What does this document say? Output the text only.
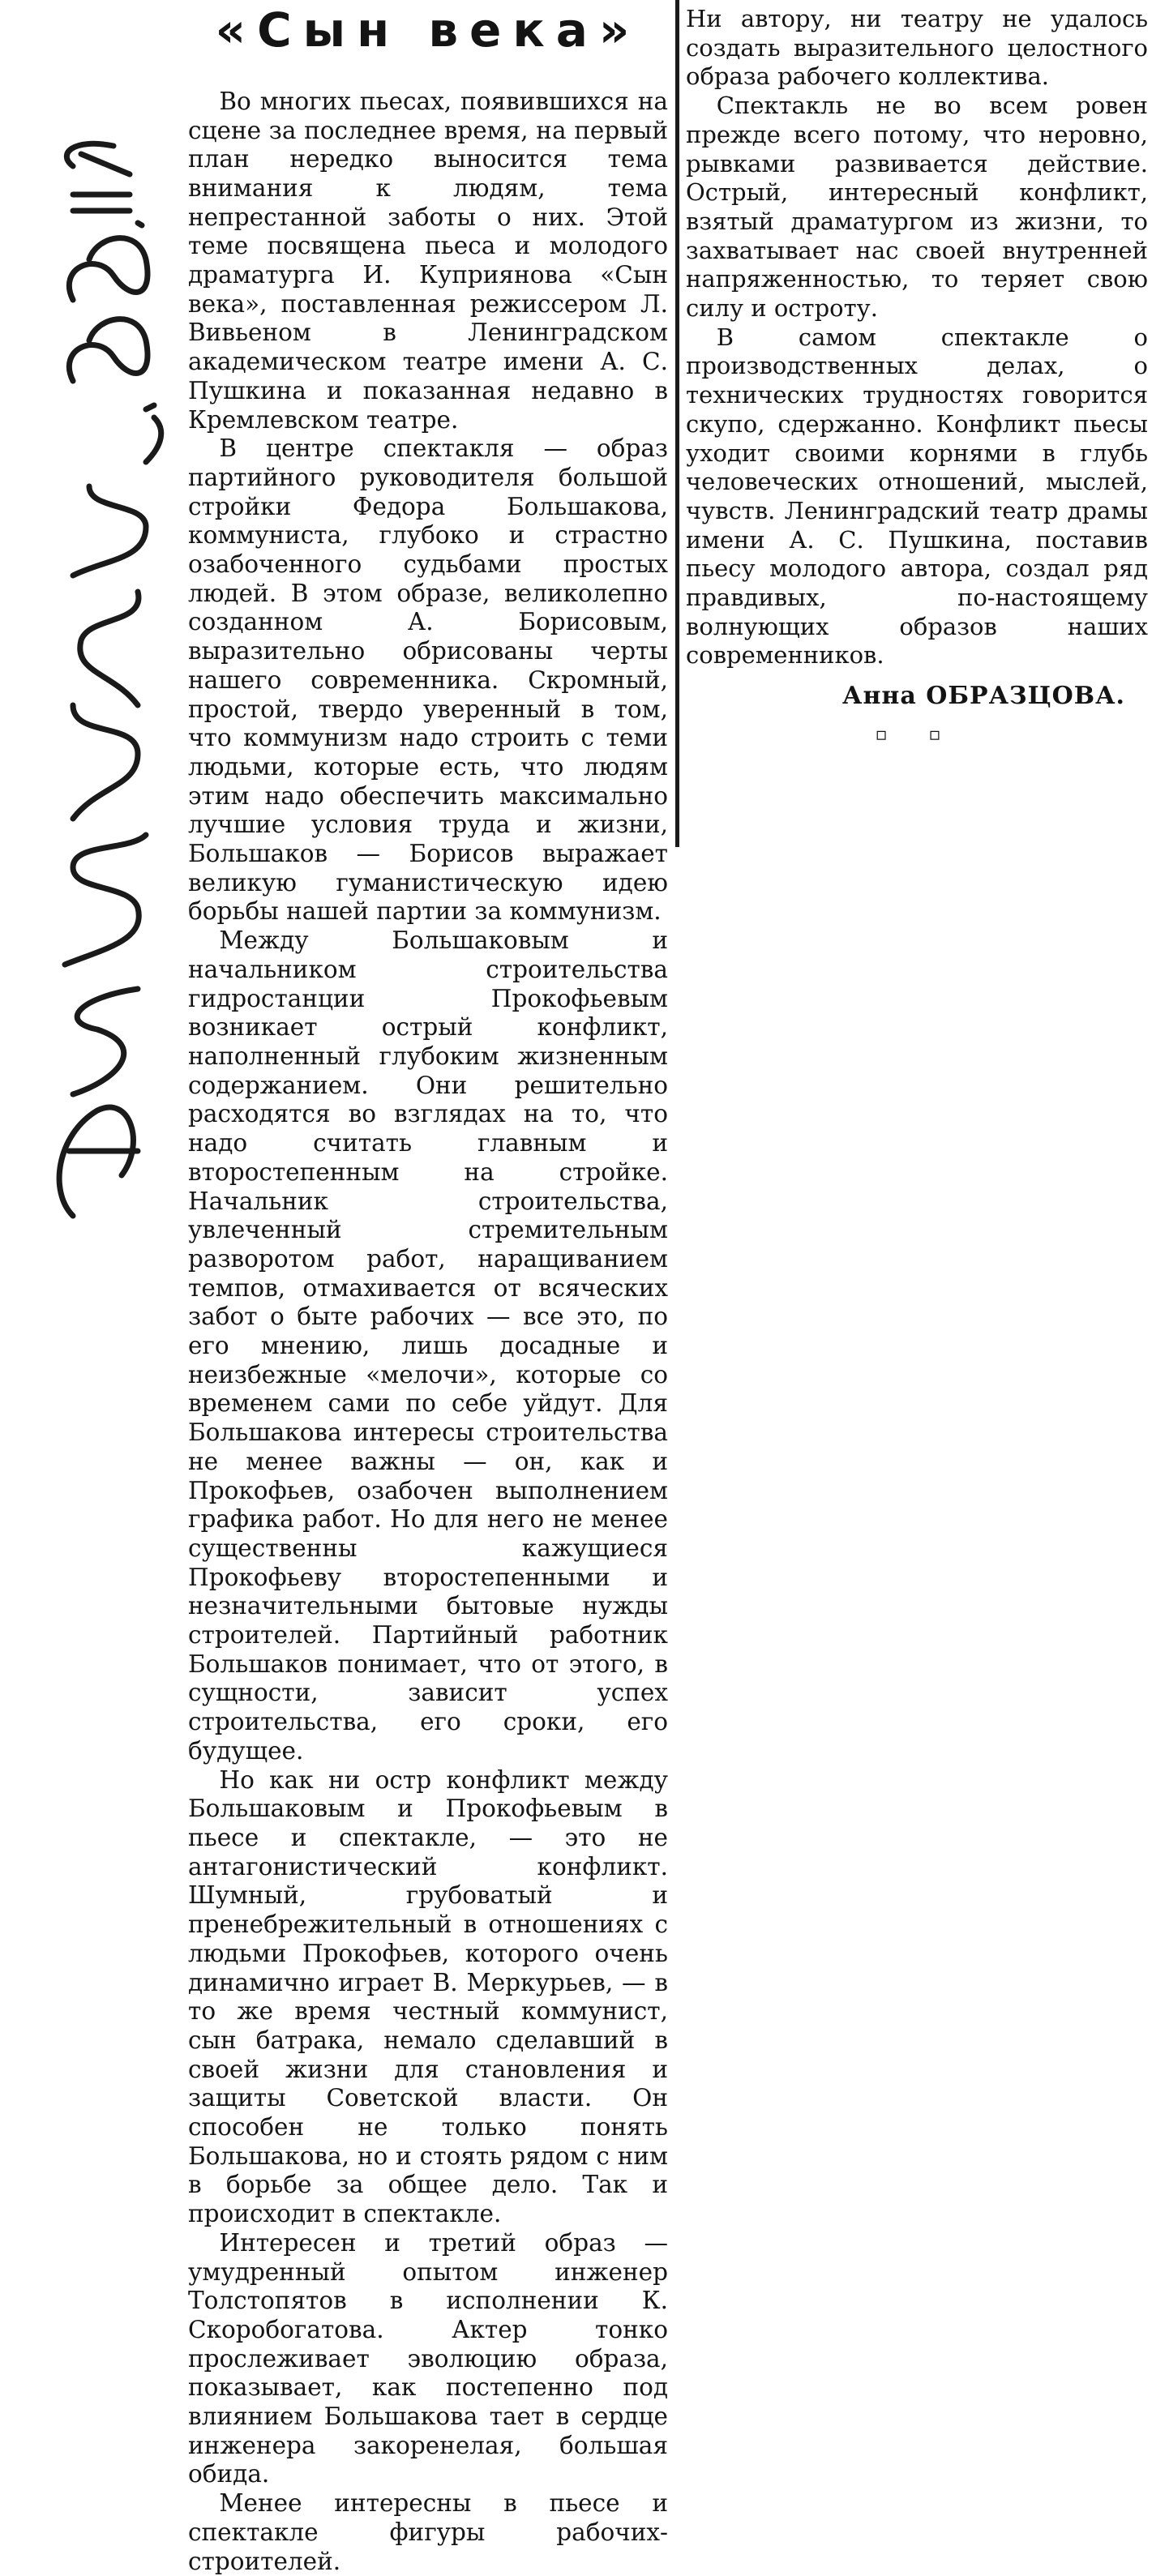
«Сын века»

Во многих пьесах, появившихся на сцене за последнее время, на первый план нередко выносится тема внимания к людям, тема непрестанной заботы о них. Этой теме посвящена пьеса и молодого драматурга И. Куприянова «Сын века», поставленная режиссером Л. Вивьеном в Ленинградском академическом театре имени А. С. Пушкина и показанная недавно в Кремлевском театре.

В центре спектакля — образ партийного руководителя большой стройки Федора Большакова, коммуниста, глубоко и страстно озабоченного судьбами простых людей. В этом образе, великолепно созданном А. Борисовым, выразительно обрисованы черты нашего современника. Скромный, простой, твердо уверенный в том, что коммунизм надо строить с теми людьми, которые есть, что людям этим надо обеспечить максимально лучшие условия труда и жизни, Большаков — Борисов выражает великую гуманистическую идею борьбы нашей партии за коммунизм.

Между Большаковым и начальником строительства гидростанции Прокофьевым возникает острый конфликт, наполненный глубоким жизненным содержанием. Они решительно расходятся во взглядах на то, что надо считать главным и второстепенным на стройке. Начальник строительства, увлеченный стремительным разворотом работ, наращиванием темпов, отмахивается от всяческих забот о быте рабочих — все это, по его мнению, лишь досадные и неизбежные «мелочи», которые со временем сами по себе уйдут. Для Большакова интересы строительства не менее важны — он, как и Прокофьев, озабочен выполнением графика работ. Но для него не менее существенны кажущиеся Прокофьеву второстепенными и незначительными бытовые нужды строителей. Партийный работник Большаков понимает, что от этого, в сущности, зависит успех строительства, его сроки, его будущее.

Но как ни остр конфликт между Большаковым и Прокофьевым в пьесе и спектакле, — это не антагонистический конфликт. Шумный, грубоватый и пренебрежительный в отношениях с людьми Прокофьев, которого очень динамично играет В. Меркурьев, — в то же время честный коммунист, сын батрака, немало сделавший в своей жизни для становления и защиты Советской власти. Он способен не только понять Большакова, но и стоять рядом с ним в борьбе за общее дело. Так и происходит в спектакле.

Интересен и третий образ — умудренный опытом инженер Толстопятов в исполнении К. Скоробогатова. Актер тонко прослеживает эволюцию образа, показывает, как постепенно под влиянием Большакова тает в сердце инженера закоренелая, большая обида.

Менее интересны в пьесе и спектакле фигуры рабочих-строителей.

Ни автору, ни театру не удалось создать выразительного целостного образа рабочего коллектива.

Спектакль не во всем ровен прежде всего потому, что неровно, рывками развивается действие. Острый, интересный конфликт, взятый драматургом из жизни, то захватывает нас своей внутренней напряженностью, то теряет свою силу и остроту.

В самом спектакле о производственных делах, о технических трудностях говорится скупо, сдержанно. Конфликт пьесы уходит своими корнями в глубь человеческих отношений, мыслей, чувств. Ленинградский театр драмы имени А. С. Пушкина, поставив пьесу молодого автора, создал ряд правдивых, по-настоящему волнующих образов наших современников.

Анна ОБРАЗЦОВА.
▫ ▫
